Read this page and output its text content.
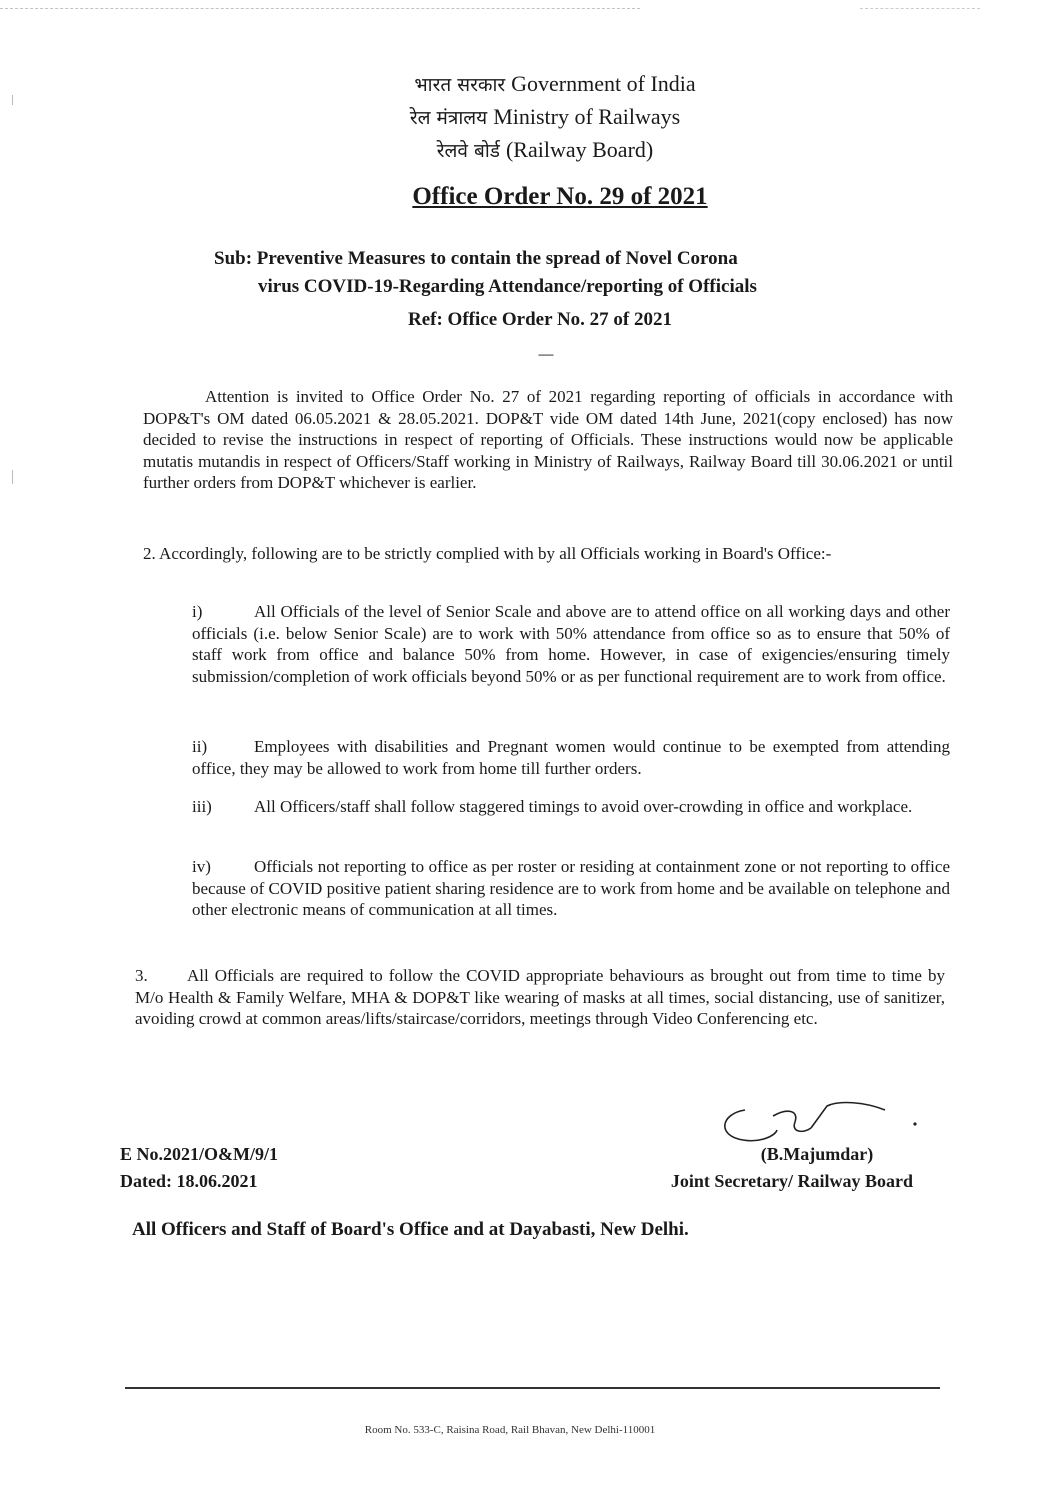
भारत सरकार Government of India
रेल मंत्रालय Ministry of Railways
रेलवे बोर्ड (Railway Board)
Office Order No. 29 of 2021
Sub: Preventive Measures to contain the spread of Novel Corona
virus COVID-19-Regarding Attendance/reporting of Officials
Ref: Office Order No. 27 of 2021
-----
Attention is invited to Office Order No. 27 of 2021 regarding reporting of officials in accordance with DOP&T's OM dated 06.05.2021 & 28.05.2021. DOP&T vide OM dated 14th June, 2021(copy enclosed) has now decided to revise the instructions in respect of reporting of Officials. These instructions would now be applicable mutatis mutandis in respect of Officers/Staff working in Ministry of Railways, Railway Board till 30.06.2021 or until further orders from DOP&T whichever is earlier.
2. Accordingly, following are to be strictly complied with by all Officials working in Board's Office:-
i)	All Officials of the level of Senior Scale and above are to attend office on all working days and other officials (i.e. below Senior Scale) are to work with 50% attendance from office so as to ensure that 50% of staff work from office and balance 50% from home. However, in case of exigencies/ensuring timely submission/completion of work officials beyond 50% or as per functional requirement are to work from office.
ii)	Employees with disabilities and Pregnant women would continue to be exempted from attending office, they may be allowed to work from home till further orders.
iii) All Officers/staff shall follow staggered timings to avoid over-crowding in office and workplace.
iv)	Officials not reporting to office as per roster or residing at containment zone or not reporting to office because of COVID positive patient sharing residence are to work from home and be available on telephone and other electronic means of communication at all times.
3. All Officials are required to follow the COVID appropriate behaviours as brought out from time to time by M/o Health & Family Welfare, MHA & DOP&T like wearing of masks at all times, social distancing, use of sanitizer, avoiding crowd at common areas/lifts/staircase/corridors, meetings through Video Conferencing etc.
E No.2021/O&M/9/1
Dated: 18.06.2021
(B.Majumdar)
Joint Secretary/ Railway Board
All Officers and Staff of Board's Office and at Dayabasti, New Delhi.
Room No. 533-C, Raisina Road, Rail Bhavan, New Delhi-110001
